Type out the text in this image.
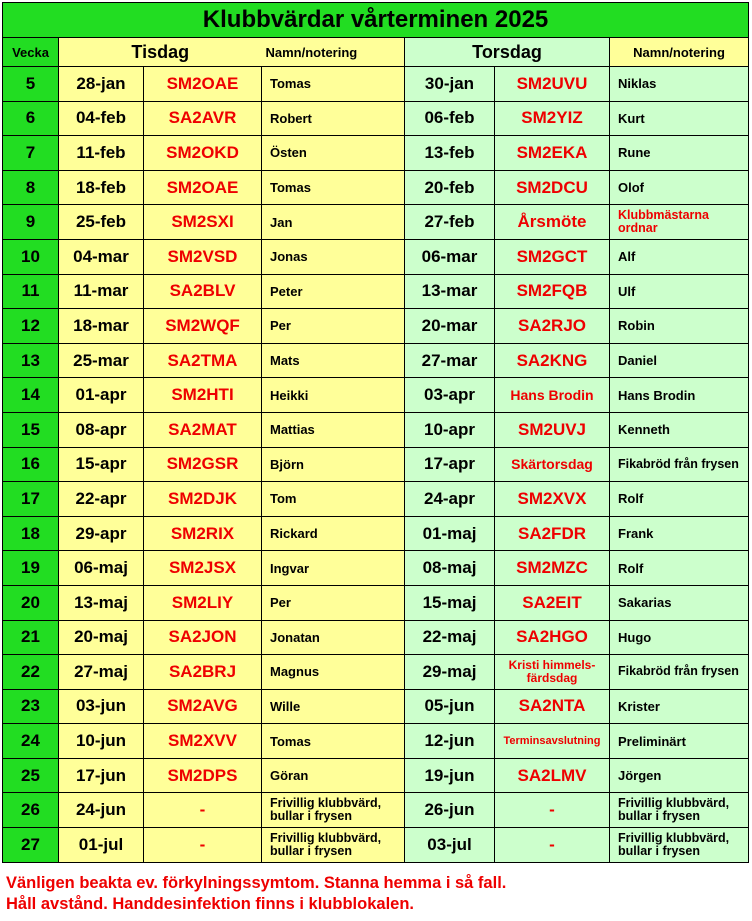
Klubbvärdar vårterminen 2025						
Vecka	Tisdag		Namn/notering	Torsdag		Namn/notering
5	28-jan	SM2OAE	Tomas	30-jan	SM2UVU	Niklas
6	04-feb	SA2AVR	Robert	06-feb	SM2YIZ	Kurt
7	11-feb	SM2OKD	Östen	13-feb	SM2EKA	Rune
8	18-feb	SM2OAE	Tomas	20-feb	SM2DCU	Olof
9	25-feb	SM2SXI	Jan	27-feb	Årsmöte	Klubbmästarna ordnar
10	04-mar	SM2VSD	Jonas	06-mar	SM2GCT	Alf
11	11-mar	SA2BLV	Peter	13-mar	SM2FQB	Ulf
12	18-mar	SM2WQF	Per	20-mar	SA2RJO	Robin
13	25-mar	SA2TMA	Mats	27-mar	SA2KNG	Daniel
14	01-apr	SM2HTI	Heikki	03-apr	Hans Brodin	Hans Brodin
15	08-apr	SA2MAT	Mattias	10-apr	SM2UVJ	Kenneth
16	15-apr	SM2GSR	Björn	17-apr	Skärtorsdag	Fikabröd från frysen
17	22-apr	SM2DJK	Tom	24-apr	SM2XVX	Rolf
18	29-apr	SM2RIX	Rickard	01-maj	SA2FDR	Frank
19	06-maj	SM2JSX	Ingvar	08-maj	SM2MZC	Rolf
20	13-maj	SM2LIY	Per	15-maj	SA2EIT	Sakarias
21	20-maj	SA2JON	Jonatan	22-maj	SA2HGO	Hugo
22	27-maj	SA2BRJ	Magnus	29-maj	Kristi himmels-färdsdag	Fikabröd från frysen
23	03-jun	SM2AVG	Wille	05-jun	SA2NTA	Krister
24	10-jun	SM2XVV	Tomas	12-jun	Terminsavslutning	Preliminärt
25	17-jun	SM2DPS	Göran	19-jun	SA2LMV	Jörgen
26	24-jun	-	Frivillig klubbvärd, bullar i frysen	26-jun	-	Frivillig klubbvärd, bullar i frysen
27	01-jul	-	Frivillig klubbvärd, bullar i frysen	03-jul	-	Frivillig klubbvärd, bullar i frysen
Vänligen beakta ev. förkylningssymtom. Stanna hemma i så fall.
Håll avstånd. Handdesinfektion finns i klubblokalen.
